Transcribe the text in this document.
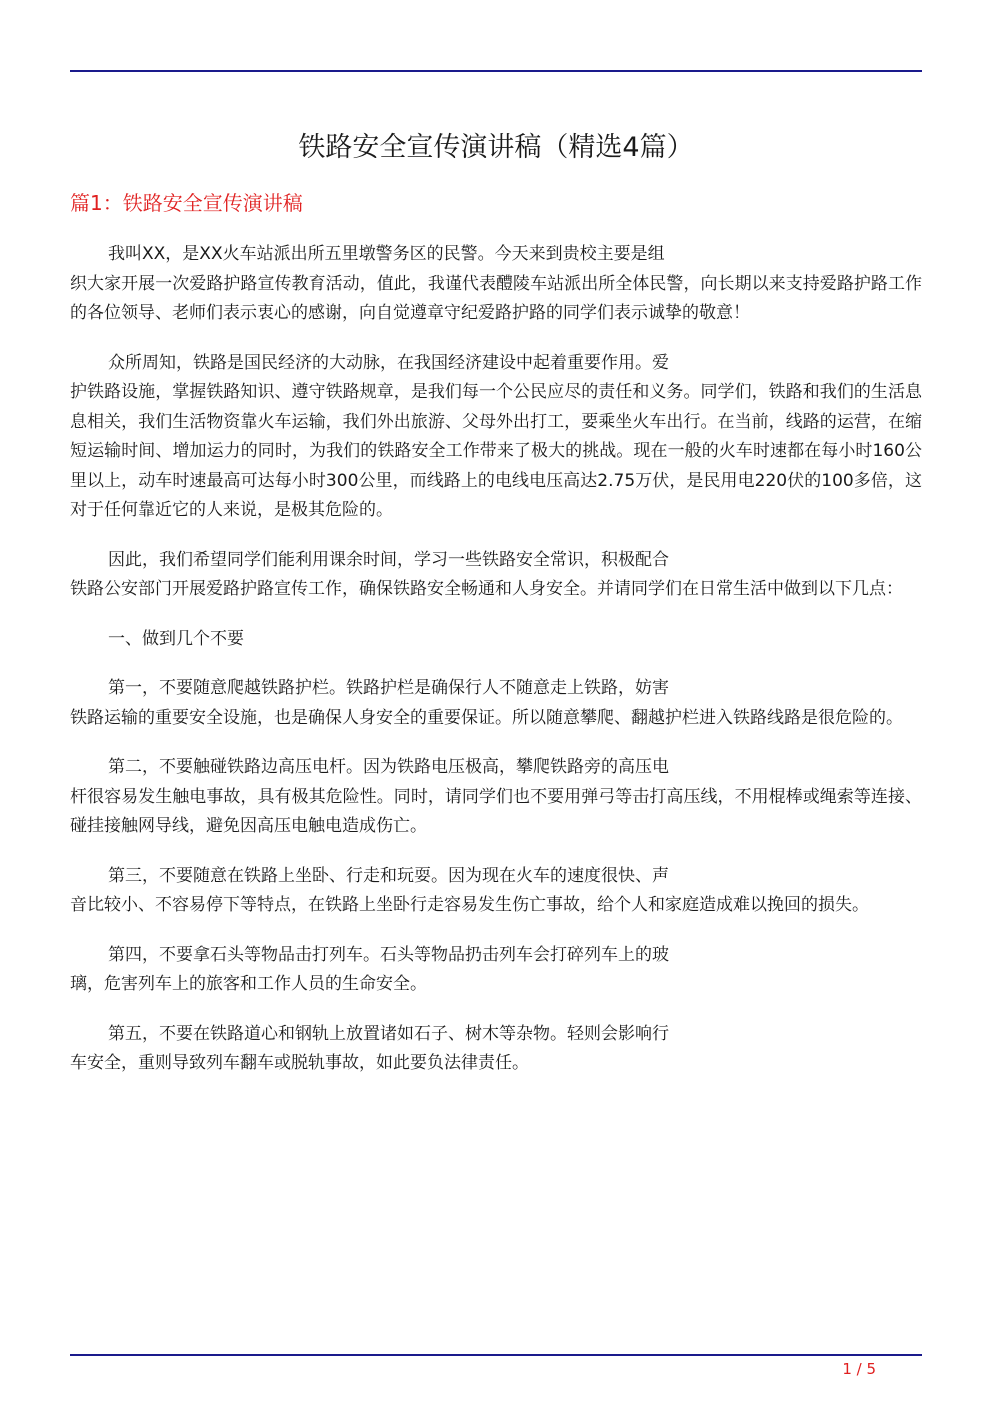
铁路安全宣传演讲稿（精选4篇）
篇1：铁路安全宣传演讲稿

我叫XX，是XX火车站派出所五里墩警务区的民警。今天来到贵校主要是组
织大家开展一次爱路护路宣传教育活动，值此，我谨代表醴陵车站派出所全体民警，向长期以来支持爱路护路工作的各位领导、老师们表示衷心的感谢，向自觉遵章守纪爱路护路的同学们表示诚挚的敬意！

众所周知，铁路是国民经济的大动脉，在我国经济建设中起着重要作用。爱
护铁路设施，掌握铁路知识、遵守铁路规章，是我们每一个公民应尽的责任和义务。同学们，铁路和我们的生活息息相关，我们生活物资靠火车运输，我们外出旅游、父母外出打工，要乘坐火车出行。在当前，线路的运营，在缩短运输时间、增加运力的同时，为我们的铁路安全工作带来了极大的挑战。现在一般的火车时速都在每小时160公里以上，动车时速最高可达每小时300公里，而线路上的电线电压高达2.75万伏，是民用电220伏的100多倍，这对于任何靠近它的人来说，是极其危险的。

因此，我们希望同学们能利用课余时间，学习一些铁路安全常识，积极配合
铁路公安部门开展爱路护路宣传工作，确保铁路安全畅通和人身安全。并请同学们在日常生活中做到以下几点：

一、做到几个不要

第一，不要随意爬越铁路护栏。铁路护栏是确保行人不随意走上铁路，妨害
铁路运输的重要安全设施，也是确保人身安全的重要保证。所以随意攀爬、翻越护栏进入铁路线路是很危险的。

第二，不要触碰铁路边高压电杆。因为铁路电压极高，攀爬铁路旁的高压电
杆很容易发生触电事故，具有极其危险性。同时，请同学们也不要用弹弓等击打高压线，不用棍棒或绳索等连接、碰挂接触网导线，避免因高压电触电造成伤亡。

第三，不要随意在铁路上坐卧、行走和玩耍。因为现在火车的速度很快、声
音比较小、不容易停下等特点，在铁路上坐卧行走容易发生伤亡事故，给个人和家庭造成难以挽回的损失。

第四，不要拿石头等物品击打列车。石头等物品扔击列车会打碎列车上的玻
璃，危害列车上的旅客和工作人员的生命安全。

第五，不要在铁路道心和钢轨上放置诸如石子、树木等杂物。轻则会影响行
车安全，重则导致列车翻车或脱轨事故，如此要负法律责任。

1 / 5
